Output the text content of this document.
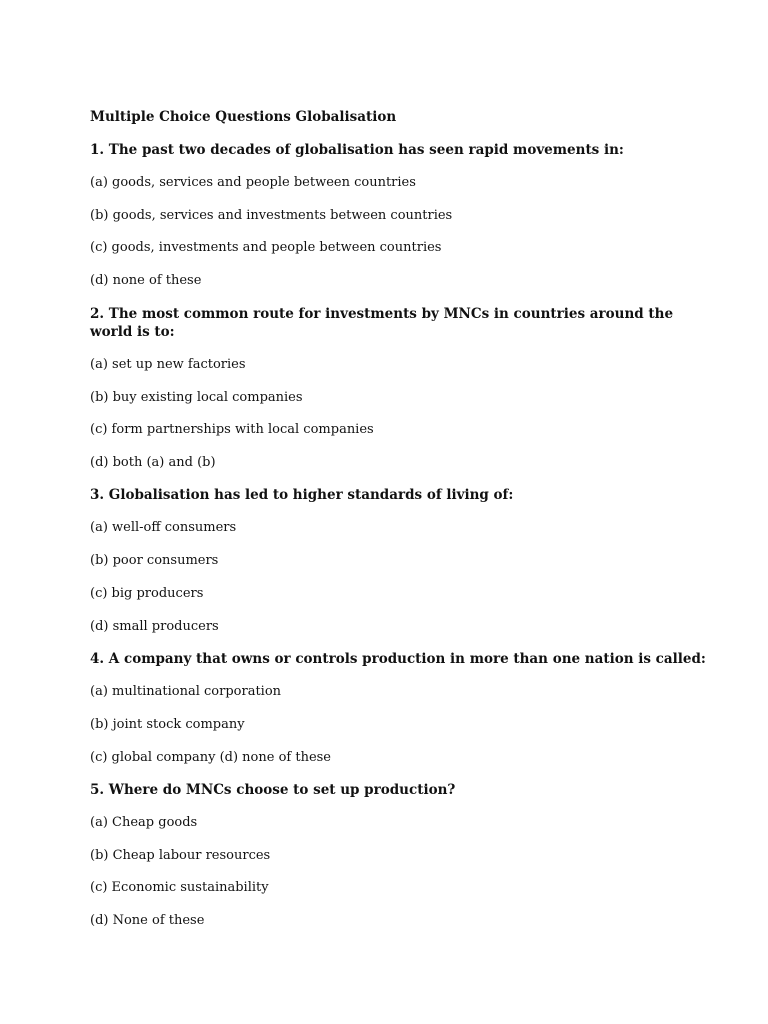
Multiple Choice Questions Globalisation
1. The past two decades of globalisation has seen rapid movements in:
(a) goods, services and people between countries
(b) goods, services and investments between countries
(c) goods, investments and people between countries
(d) none of these
2. The most common route for investments by MNCs in countries around the world is to:
(a) set up new factories
(b) buy existing local companies
(c) form partnerships with local companies
(d) both (a) and (b)
3. Globalisation has led to higher standards of living of:
(a) well-off consumers
(b) poor consumers
(c) big producers
(d) small producers
4. A company that owns or controls production in more than one nation is called:
(a) multinational corporation
(b) joint stock company
(c) global company (d) none of these
5. Where do MNCs choose to set up production?
(a) Cheap goods
(b) Cheap labour resources
(c) Economic sustainability
(d) None of these
